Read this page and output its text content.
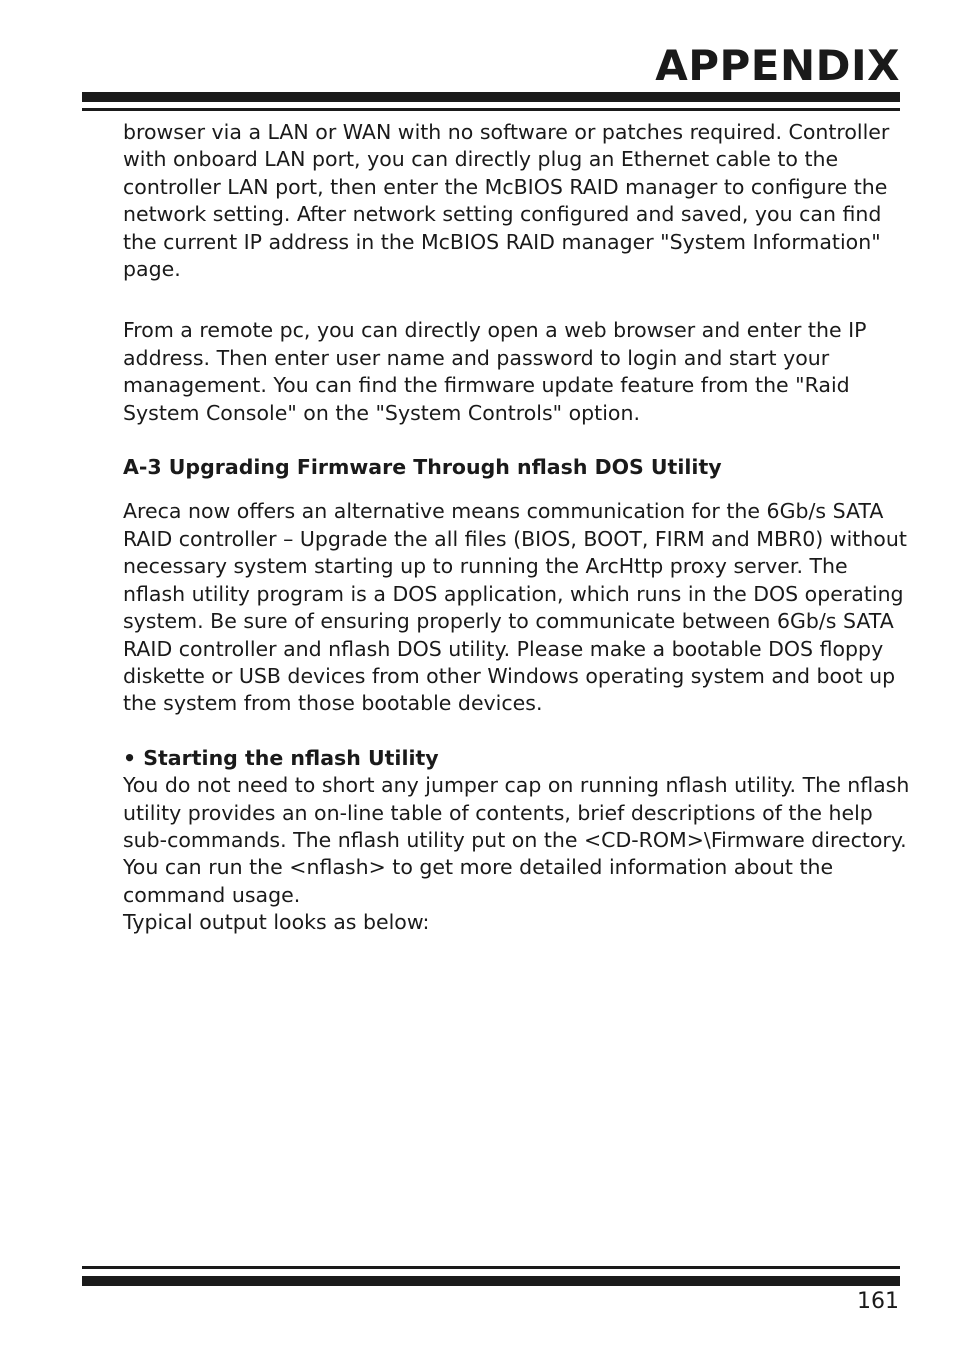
APPENDIX

browser via a LAN or WAN with no software or patches required. Controller with onboard LAN port, you can directly plug an Ethernet cable to the controller LAN port, then enter the McBIOS RAID manager to configure the network setting. After network setting configured and saved, you can find the current IP address in the McBIOS RAID manager "System Information" page.

From a remote pc, you can directly open a web browser and enter the IP address. Then enter user name and password to login and start your management. You can find the firmware update feature from the "Raid System Console" on the "System Controls" option.

A-3 Upgrading Firmware Through nflash DOS Utility

Areca now offers an alternative means communication for the 6Gb/s SATA RAID controller – Upgrade the all files (BIOS, BOOT, FIRM and MBR0) without necessary system starting up to running the ArcHttp proxy server. The nflash utility program is a DOS application, which runs in the DOS operating system. Be sure of ensuring properly to communicate between 6Gb/s SATA RAID controller and nflash DOS utility. Please make a bootable DOS floppy diskette or USB devices from other Windows operating system and boot up the system from those bootable devices.

• Starting the nflash Utility

You do not need to short any jumper cap on running nflash utility. The nflash utility provides an on-line table of contents, brief descriptions of the help sub-commands. The nflash utility put on the <CD-ROM>\Firmware directory. You can run the <nflash> to get more detailed information about the command usage.

Typical output looks as below:

161
